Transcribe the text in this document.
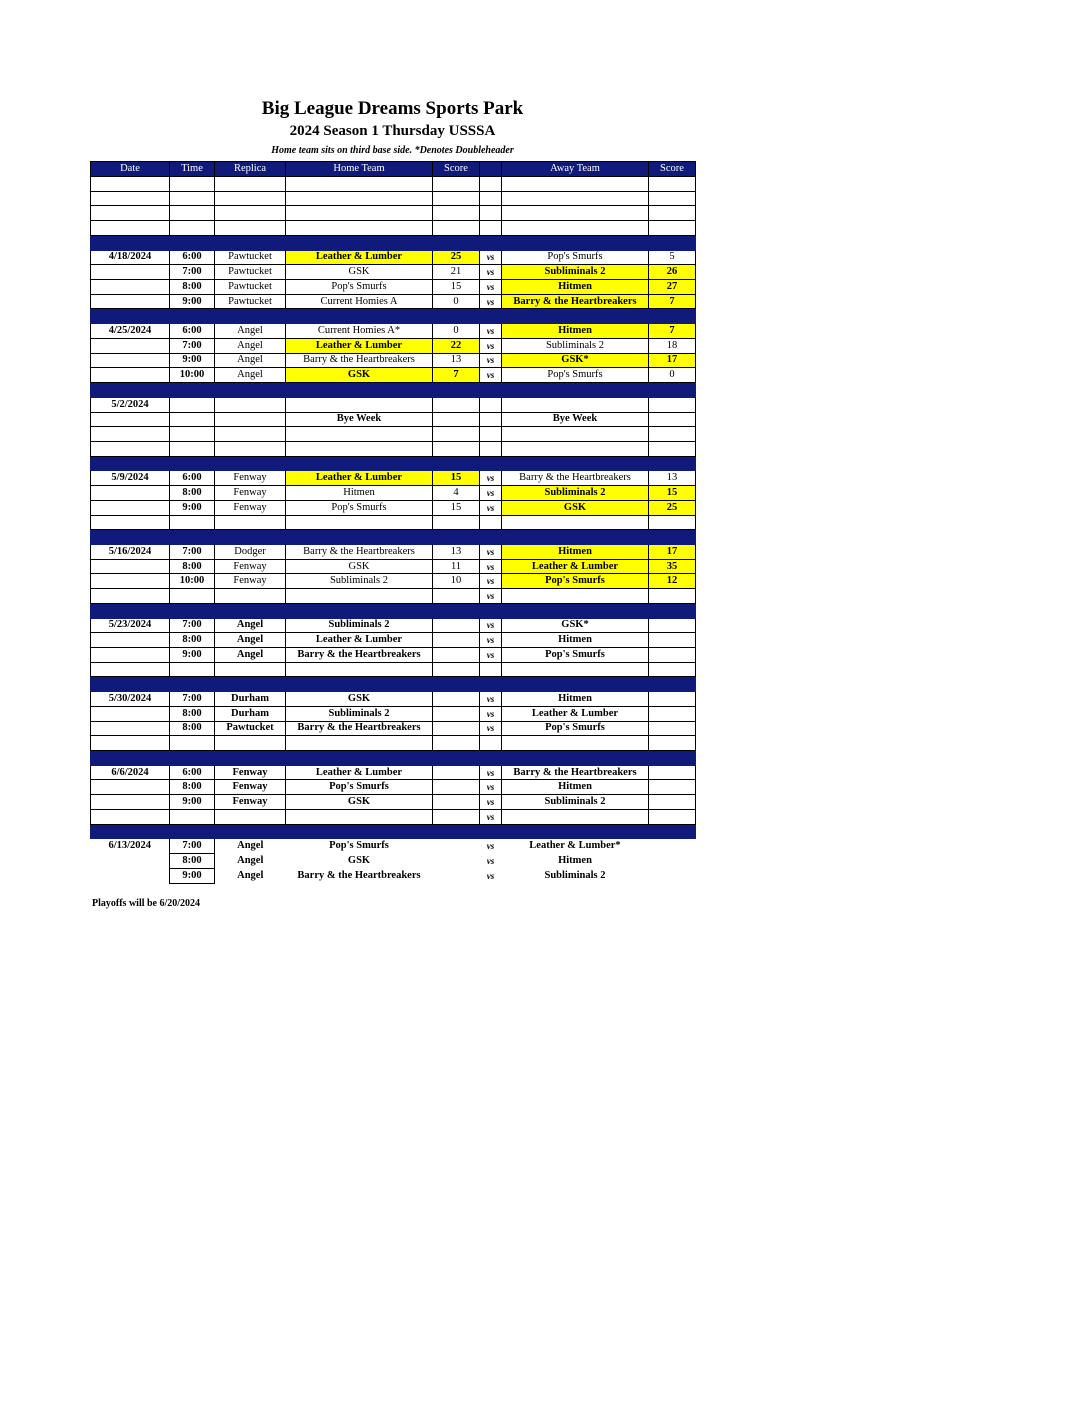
Big League Dreams Sports Park
2024 Season 1 Thursday USSSA
Home team sits on third base side. *Denotes Doubleheader
Date	Time	Replica	Home Team	Score		Away Team	Score

4/18/2024	6:00	Pawtucket	Leather & Lumber	25	vs	Pop's Smurfs	5
	7:00	Pawtucket	GSK	21	vs	Subliminals 2	26
	8:00	Pawtucket	Pop's Smurfs	15	vs	Hitmen	27
	9:00	Pawtucket	Current Homies A	0	vs	Barry & the Heartbreakers	7

4/25/2024	6:00	Angel	Current Homies A*	0	vs	Hitmen	7
	7:00	Angel	Leather & Lumber	22	vs	Subliminals 2	18
	9:00	Angel	Barry & the Heartbreakers	13	vs	GSK*	17
	10:00	Angel	GSK	7	vs	Pop's Smurfs	0

5/2/2024							
			Bye Week			Bye Week	

5/9/2024	6:00	Fenway	Leather & Lumber	15	vs	Barry & the Heartbreakers	13
	8:00	Fenway	Hitmen	4	vs	Subliminals 2	15
	9:00	Fenway	Pop's Smurfs	15	vs	GSK	25

5/16/2024	7:00	Dodger	Barry & the Heartbreakers	13	vs	Hitmen	17
	8:00	Fenway	GSK	11	vs	Leather & Lumber	35
	10:00	Fenway	Subliminals 2	10	vs	Pop's Smurfs	12
					vs		

5/23/2024	7:00	Angel	Subliminals 2		vs	GSK*	
	8:00	Angel	Leather & Lumber		vs	Hitmen	
	9:00	Angel	Barry & the Heartbreakers		vs	Pop's Smurfs	

5/30/2024	7:00	Durham	GSK		vs	Hitmen	
	8:00	Durham	Subliminals 2		vs	Leather & Lumber	
	8:00	Pawtucket	Barry & the Heartbreakers		vs	Pop's Smurfs	

6/6/2024	6:00	Fenway	Leather & Lumber		vs	Barry & the Heartbreakers	
	8:00	Fenway	Pop's Smurfs		vs	Hitmen	
	9:00	Fenway	GSK		vs	Subliminals 2	
					vs		

6/13/2024	7:00	Angel	Pop's Smurfs		vs	Leather & Lumber*	
	8:00	Angel	GSK		vs	Hitmen	
	9:00	Angel	Barry & the Heartbreakers		vs	Subliminals 2	
Playoffs will be 6/20/2024
